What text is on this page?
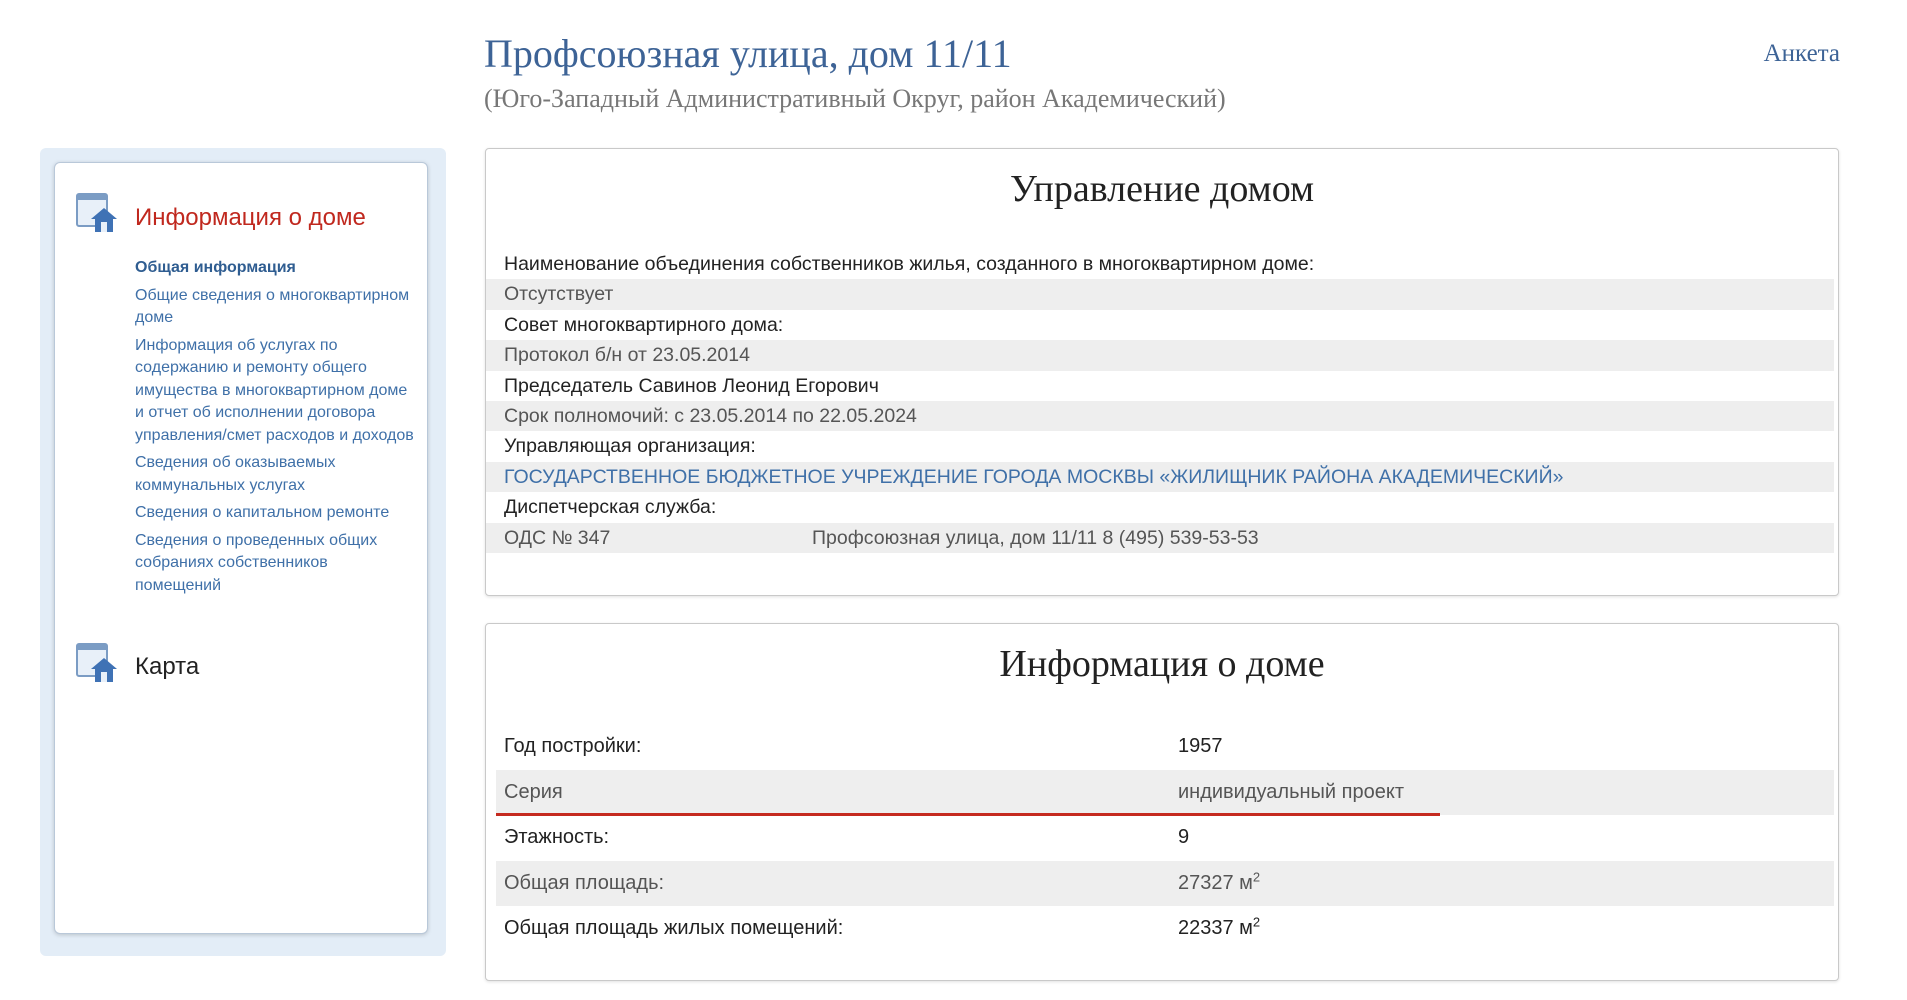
Профсоюзная улица, дом 11/11
(Юго-Западный Административный Округ, район Академический)
Анкета
Информация о доме
Общая информация
Общие сведения о многоквартирном доме
Информация об услугах по содержанию и ремонту общего имущества в многоквартирном доме и отчет об исполнении договора управления/смет расходов и доходов
Сведения об оказываемых коммунальных услугах
Сведения о капитальном ремонте
Сведения о проведенных общих собраниях собственников помещений
Карта
Управление домом
Наименование объединения собственников жилья, созданного в многоквартирном доме:
Отсутствует
Совет многоквартирного дома:
Протокол б/н от 23.05.2014
Председатель Савинов Леонид Егорович
Срок полномочий: с 23.05.2014 по 22.05.2024
Управляющая организация:
ГОСУДАРСТВЕННОЕ БЮДЖЕТНОЕ УЧРЕЖДЕНИЕ ГОРОДА МОСКВЫ «ЖИЛИЩНИК РАЙОНА АКАДЕМИЧЕСКИЙ»
Диспетчерская служба:
ОДС № 347	Профсоюзная улица, дом 11/11 8 (495) 539-53-53
Информация о доме
Год постройки:	1957
Серия	индивидуальный проект
Этажность:	9
Общая площадь:	27327 $м^2$
Общая площадь жилых помещений:	22337 $м^2$
